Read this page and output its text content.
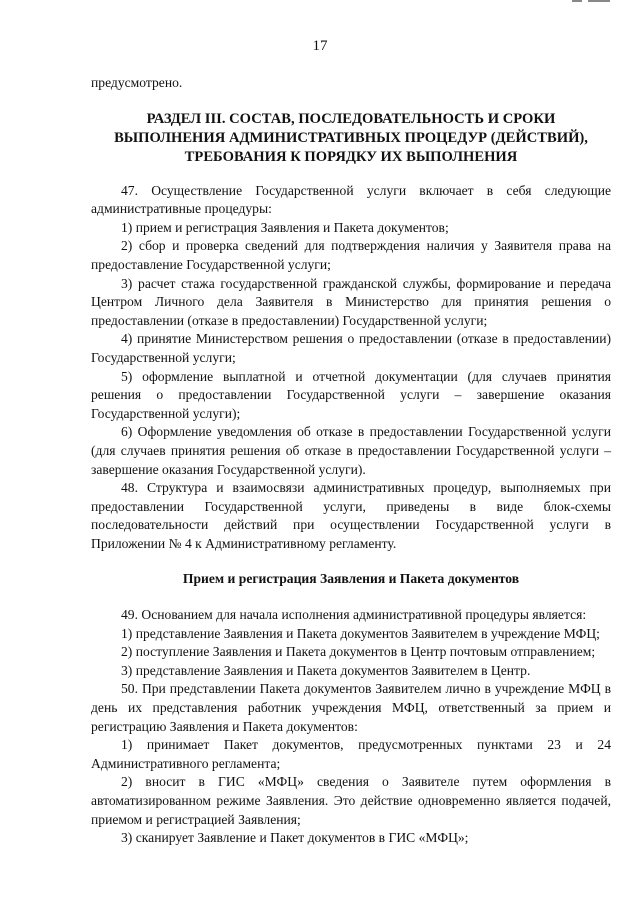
17

предусмотрено.

РАЗДЕЛ III. СОСТАВ, ПОСЛЕДОВАТЕЛЬНОСТЬ И СРОКИ
ВЫПОЛНЕНИЯ АДМИНИСТРАТИВНЫХ ПРОЦЕДУР (ДЕЙСТВИЙ),
ТРЕБОВАНИЯ К ПОРЯДКУ ИХ ВЫПОЛНЕНИЯ

47. Осуществление Государственной услуги включает в себя следующие административные процедуры:

1) прием и регистрация Заявления и Пакета документов;

2) сбор и проверка сведений для подтверждения наличия у Заявителя права на предоставление Государственной услуги;

3) расчет стажа государственной гражданской службы, формирование и передача Центром Личного дела Заявителя в Министерство для принятия решения о предоставлении (отказе в предоставлении) Государственной услуги;

4) принятие Министерством решения о предоставлении (отказе в предоставлении) Государственной услуги;

5) оформление выплатной и отчетной документации (для случаев принятия решения о предоставлении Государственной услуги – завершение оказания Государственной услуги);

6) Оформление уведомления об отказе в предоставлении Государственной услуги (для случаев принятия решения об отказе в предоставлении Государственной услуги – завершение оказания Государственной услуги).

48. Структура и взаимосвязи административных процедур, выполняемых при предоставлении Государственной услуги, приведены в виде блок-схемы последовательности действий при осуществлении Государственной услуги в Приложении № 4 к Административному регламенту.

Прием и регистрация Заявления и Пакета документов

49. Основанием для начала исполнения административной процедуры является:

1) представление Заявления и Пакета документов Заявителем в учреждение МФЦ;

2) поступление Заявления и Пакета документов в Центр почтовым отправлением;

3) представление Заявления и Пакета документов Заявителем в Центр.

50. При представлении Пакета документов Заявителем лично в учреждение МФЦ в день их представления работник учреждения МФЦ, ответственный за прием и регистрацию Заявления и Пакета документов:

1) принимает Пакет документов, предусмотренных пунктами 23 и 24 Административного регламента;

2) вносит в ГИС «МФЦ» сведения о Заявителе путем оформления в автоматизированном режиме Заявления. Это действие одновременно является подачей, приемом и регистрацией Заявления;

3) сканирует Заявление и Пакет документов в ГИС «МФЦ»;
